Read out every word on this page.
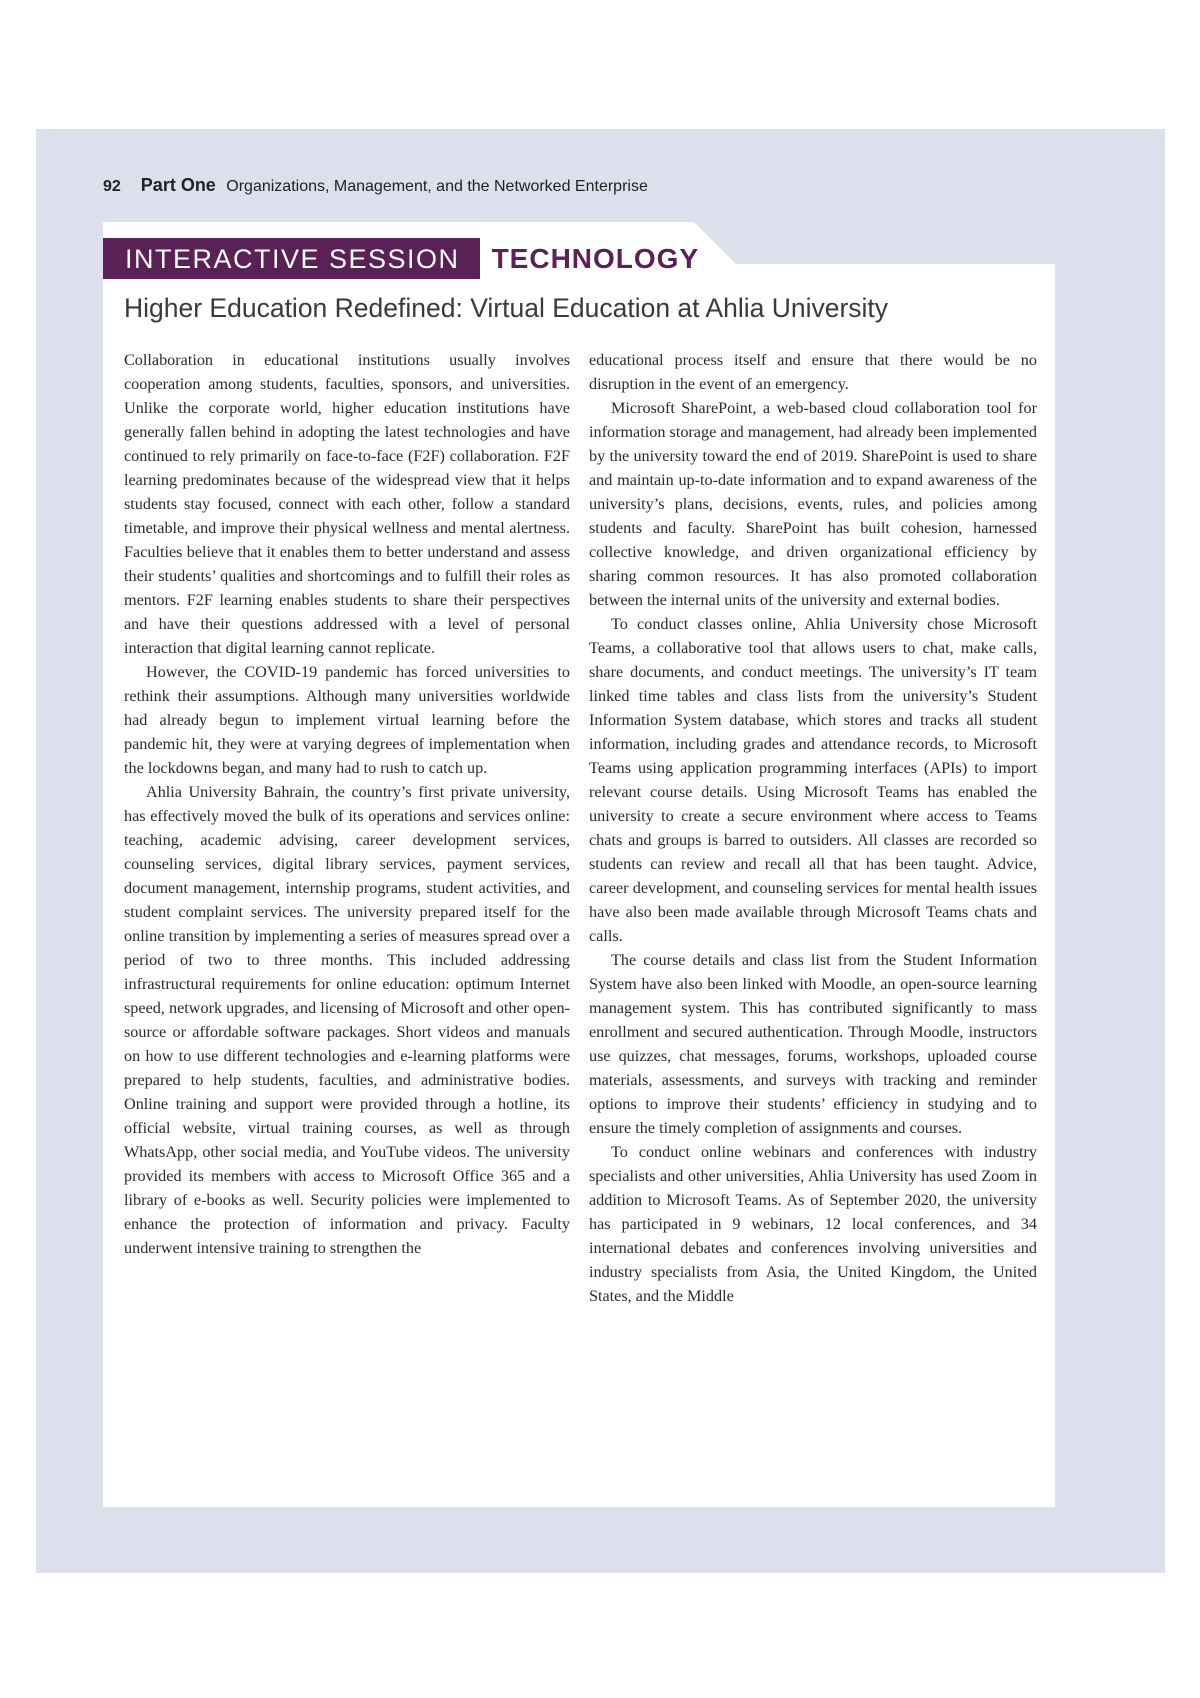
92 Part One Organizations, Management, and the Networked Enterprise
INTERACTIVE SESSION TECHNOLOGY
Higher Education Redefined: Virtual Education at Ahlia University

Collaboration in educational institutions usually involves cooperation among students, faculties, sponsors, and universities. Unlike the corporate world, higher education institutions have generally fallen behind in adopting the latest technologies and have continued to rely primarily on face-to-face (F2F) collaboration. F2F learning predominates because of the widespread view that it helps students stay focused, connect with each other, follow a standard timetable, and improve their physical wellness and mental alertness. Faculties believe that it enables them to better understand and assess their students’ qualities and shortcomings and to fulfill their roles as mentors. F2F learning enables students to share their perspectives and have their questions addressed with a level of personal interaction that digital learning cannot replicate.

However, the COVID-19 pandemic has forced universities to rethink their assumptions. Although many universities worldwide had already begun to implement virtual learning before the pandemic hit, they were at varying degrees of implementation when the lockdowns began, and many had to rush to catch up.

Ahlia University Bahrain, the country’s first private university, has effectively moved the bulk of its operations and services online: teaching, academic advising, career development services, counseling services, digital library services, payment services, document management, internship programs, student activities, and student complaint services. The university prepared itself for the online transition by implementing a series of measures spread over a period of two to three months. This included addressing infrastructural requirements for online education: optimum Internet speed, network upgrades, and licensing of Microsoft and other open-source or affordable software packages. Short videos and manuals on how to use different technologies and e-learning platforms were prepared to help students, faculties, and administrative bodies. Online training and support were provided through a hotline, its official website, virtual training courses, as well as through WhatsApp, other social media, and YouTube videos. The university provided its members with access to Microsoft Office 365 and a library of e-books as well. Security policies were implemented to enhance the protection of information and privacy. Faculty underwent intensive training to strengthen the

educational process itself and ensure that there would be no disruption in the event of an emergency.

Microsoft SharePoint, a web-based cloud collaboration tool for information storage and management, had already been implemented by the university toward the end of 2019. SharePoint is used to share and maintain up-to-date information and to expand awareness of the university’s plans, decisions, events, rules, and policies among students and faculty. SharePoint has built cohesion, harnessed collective knowledge, and driven organizational efficiency by sharing common resources. It has also promoted collaboration between the internal units of the university and external bodies.

To conduct classes online, Ahlia University chose Microsoft Teams, a collaborative tool that allows users to chat, make calls, share documents, and conduct meetings. The university’s IT team linked time tables and class lists from the university’s Student Information System database, which stores and tracks all student information, including grades and attendance records, to Microsoft Teams using application programming interfaces (APIs) to import relevant course details. Using Microsoft Teams has enabled the university to create a secure environment where access to Teams chats and groups is barred to outsiders. All classes are recorded so students can review and recall all that has been taught. Advice, career development, and counseling services for mental health issues have also been made available through Microsoft Teams chats and calls.

The course details and class list from the Student Information System have also been linked with Moodle, an open-source learning management system. This has contributed significantly to mass enrollment and secured authentication. Through Moodle, instructors use quizzes, chat messages, forums, workshops, uploaded course materials, assessments, and surveys with tracking and reminder options to improve their students’ efficiency in studying and to ensure the timely completion of assignments and courses.

To conduct online webinars and conferences with industry specialists and other universities, Ahlia University has used Zoom in addition to Microsoft Teams. As of September 2020, the university has participated in 9 webinars, 12 local conferences, and 34 international debates and conferences involving universities and industry specialists from Asia, the United Kingdom, the United States, and the Middle
